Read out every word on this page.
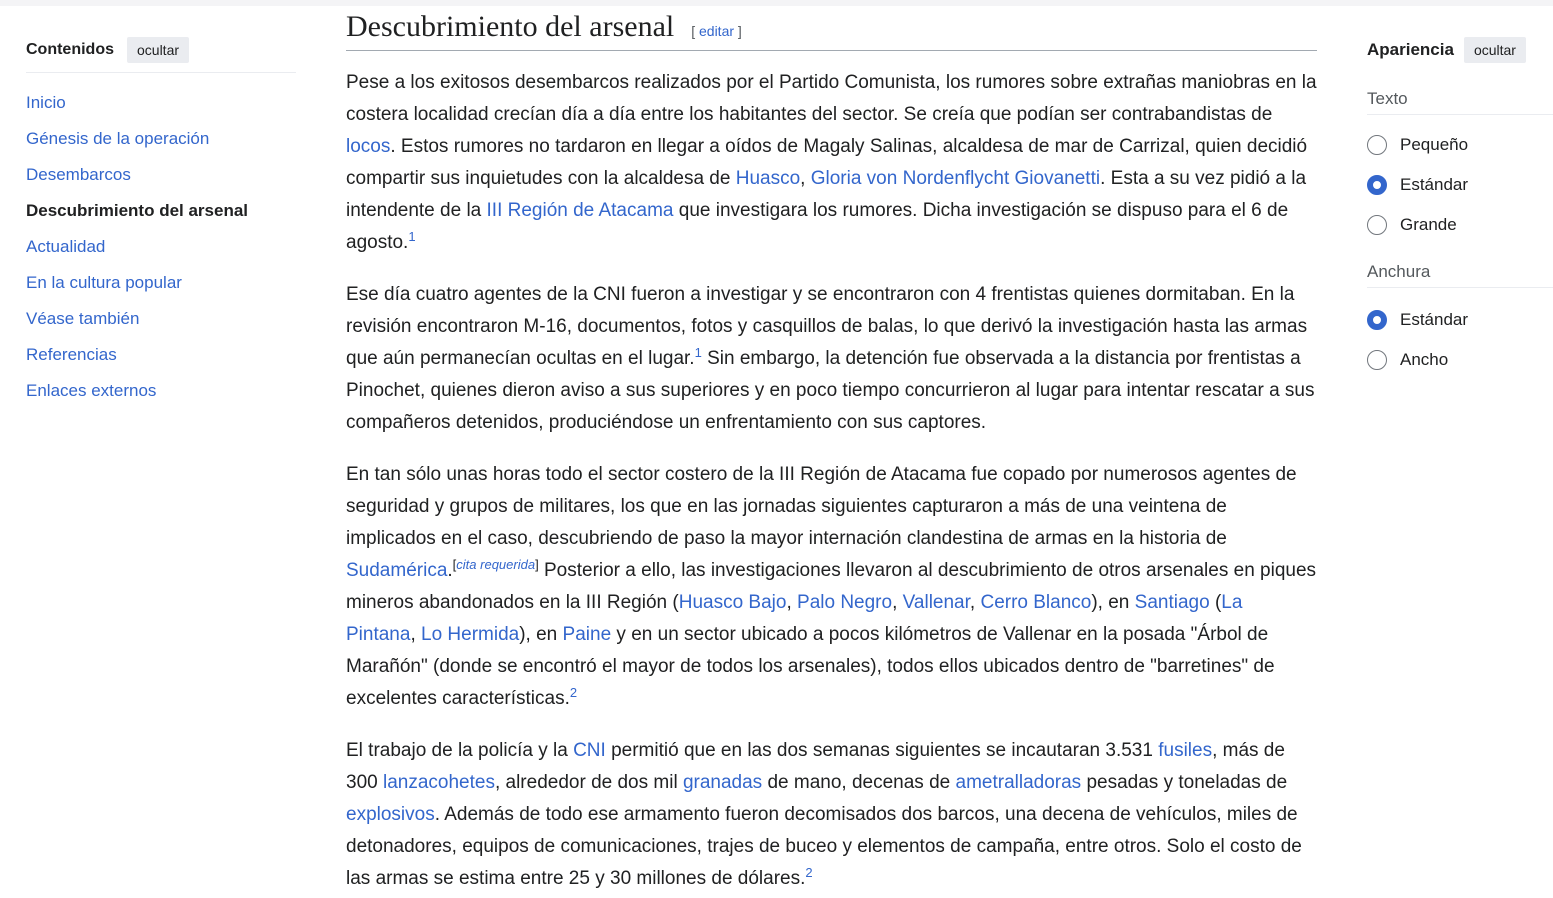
Contenidos	ocultar
Inicio
Génesis de la operación
Desembarcos
Descubrimiento del arsenal
Actualidad
En la cultura popular
Véase también
Referencias
Enlaces externos
Descubrimiento del arsenal [ editar ]

Pese a los exitosos desembarcos realizados por el Partido Comunista, los rumores sobre extrañas maniobras en la costera localidad crecían día a día entre los habitantes del sector. Se creía que podían ser contrabandistas de locos. Estos rumores no tardaron en llegar a oídos de Magaly Salinas, alcaldesa de mar de Carrizal, quien decidió compartir sus inquietudes con la alcaldesa de Huasco, Gloria von Nordenflycht Giovanetti. Esta a su vez pidió a la intendente de la III Región de Atacama que investigara los rumores. Dicha investigación se dispuso para el 6 de agosto.$^1$

Ese día cuatro agentes de la CNI fueron a investigar y se encontraron con 4 frentistas quienes dormitaban. En la revisión encontraron M-16, documentos, fotos y casquillos de balas, lo que derivó la investigación hasta las armas que aún permanecían ocultas en el lugar.$^1$ Sin embargo, la detención fue observada a la distancia por frentistas a Pinochet, quienes dieron aviso a sus superiores y en poco tiempo concurrieron al lugar para intentar rescatar a sus compañeros detenidos, produciéndose un enfrentamiento con sus captores.

En tan sólo unas horas todo el sector costero de la III Región de Atacama fue copado por numerosos agentes de seguridad y grupos de militares, los que en las jornadas siguientes capturaron a más de una veintena de implicados en el caso, descubriendo de paso la mayor internación clandestina de armas en la historia de Sudamérica.[cita requerida] Posterior a ello, las investigaciones llevaron al descubrimiento de otros arsenales en piques mineros abandonados en la III Región (Huasco Bajo, Palo Negro, Vallenar, Cerro Blanco), en Santiago (La Pintana, Lo Hermida), en Paine y en un sector ubicado a pocos kilómetros de Vallenar en la posada "Árbol de Marañón" (donde se encontró el mayor de todos los arsenales), todos ellos ubicados dentro de "barretines" de excelentes características.$^2$

El trabajo de la policía y la CNI permitió que en las dos semanas siguientes se incautaran 3.531 fusiles, más de 300 lanzacohetes, alrededor de dos mil granadas de mano, decenas de ametralladoras pesadas y toneladas de explosivos. Además de todo ese armamento fueron decomisados dos barcos, una decena de vehículos, miles de detonadores, equipos de comunicaciones, trajes de buceo y elementos de campaña, entre otros. Solo el costo de las armas se estima entre 25 y 30 millones de dólares.$^2$

Apariencia	ocultar
Texto
Pequeño
Estándar
Grande
Anchura
Estándar
Ancho
